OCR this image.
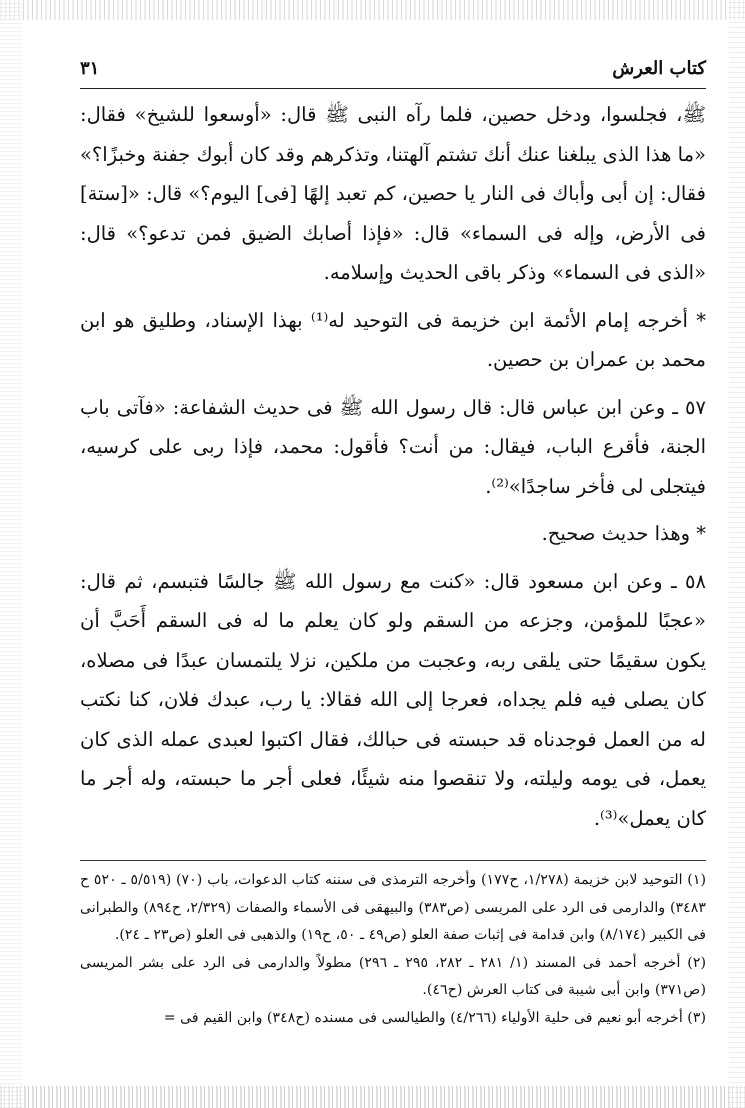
كتاب العرش
٣١

ﷺ، فجلسوا، ودخل حصين، فلما رآه النبى ﷺ قال: «أوسعوا للشيخ» فقال: «ما هذا الذى يبلغنا عنك أنك تشتم آلهتنا، وتذكرهم وقد كان أبوك جفنة وخبزًا؟» فقال: إن أبى وأباك فى النار يا حصين، كم تعبد إلهًا [فى] اليوم؟» قال: «[ستة] فى الأرض، وإله فى السماء» قال: «فإذا أصابك الضيق فمن تدعو؟» قال: «الذى فى السماء» وذكر باقى الحديث وإسلامه.

* أخرجه إمام الأئمة ابن خزيمة فى التوحيد له⁽¹⁾ بهذا الإسناد، وطليق هو ابن محمد بن عمران بن حصين.

٥٧ ـ وعن ابن عباس قال: قال رسول الله ﷺ فى حديث الشفاعة: «فآتى باب الجنة، فأقرع الباب، فيقال: من أنت؟ فأقول: محمد، فإذا ربى على كرسيه، فيتجلى لى فأخر ساجدًا»⁽²⁾.

* وهذا حديث صحيح.

٥٨ ـ وعن ابن مسعود قال: «كنت مع رسول الله ﷺ جالسًا فتبسم، ثم قال: «عجبًا للمؤمن، وجزعه من السقم ولو كان يعلم ما له فى السقم أَحَبَّ أن يكون سقيمًا حتى يلقى ربه، وعجبت من ملكين، نزلا يلتمسان عبدًا فى مصلاه، كان يصلى فيه فلم يجداه، فعرجا إلى الله فقالا: يا رب، عبدك فلان، كنا نكتب له من العمل فوجدناه قد حبسته فى حبالك، فقال اكتبوا لعبدى عمله الذى كان يعمل، فى يومه وليلته، ولا تنقصوا منه شيئًا، فعلى أجر ما حبسته، وله أجر ما كان يعمل»⁽³⁾.

(١) التوحيد لابن خزيمة (١/٢٧٨، ح١٧٧) وأخرجه الترمذى فى سننه كتاب الدعوات، باب (٧٠) (٥/٥١٩ ـ ٥٢٠ ح ٣٤٨٣) والدارمى فى الرد على المريسى (ص٣٨٣) والبيهقى فى الأسماء والصفات (٢/٣٢٩، ح٨٩٤) والطبرانى فى الكبير (٨/١٧٤) وابن قدامة فى إثبات صفة العلو (ص٤٩ ـ ٥٠، ح١٩) والذهبى فى العلو (ص٢٣ ـ ٢٤).

(٢) أخرجه أحمد فى المسند (١/ ٢٨١ ـ ٢٨٢، ٢٩٥ ـ ٢٩٦) مطولاً والدارمى فى الرد على بشر المريسى (ص٣٧١) وابن أبى شيبة فى كتاب العرش (ح٤٦).

(٣) أخرجه أبو نعيم فى حلية الأولياء (٤/٢٦٦) والطيالسى فى مسنده (ح٣٤٨) وابن القيم فى =
